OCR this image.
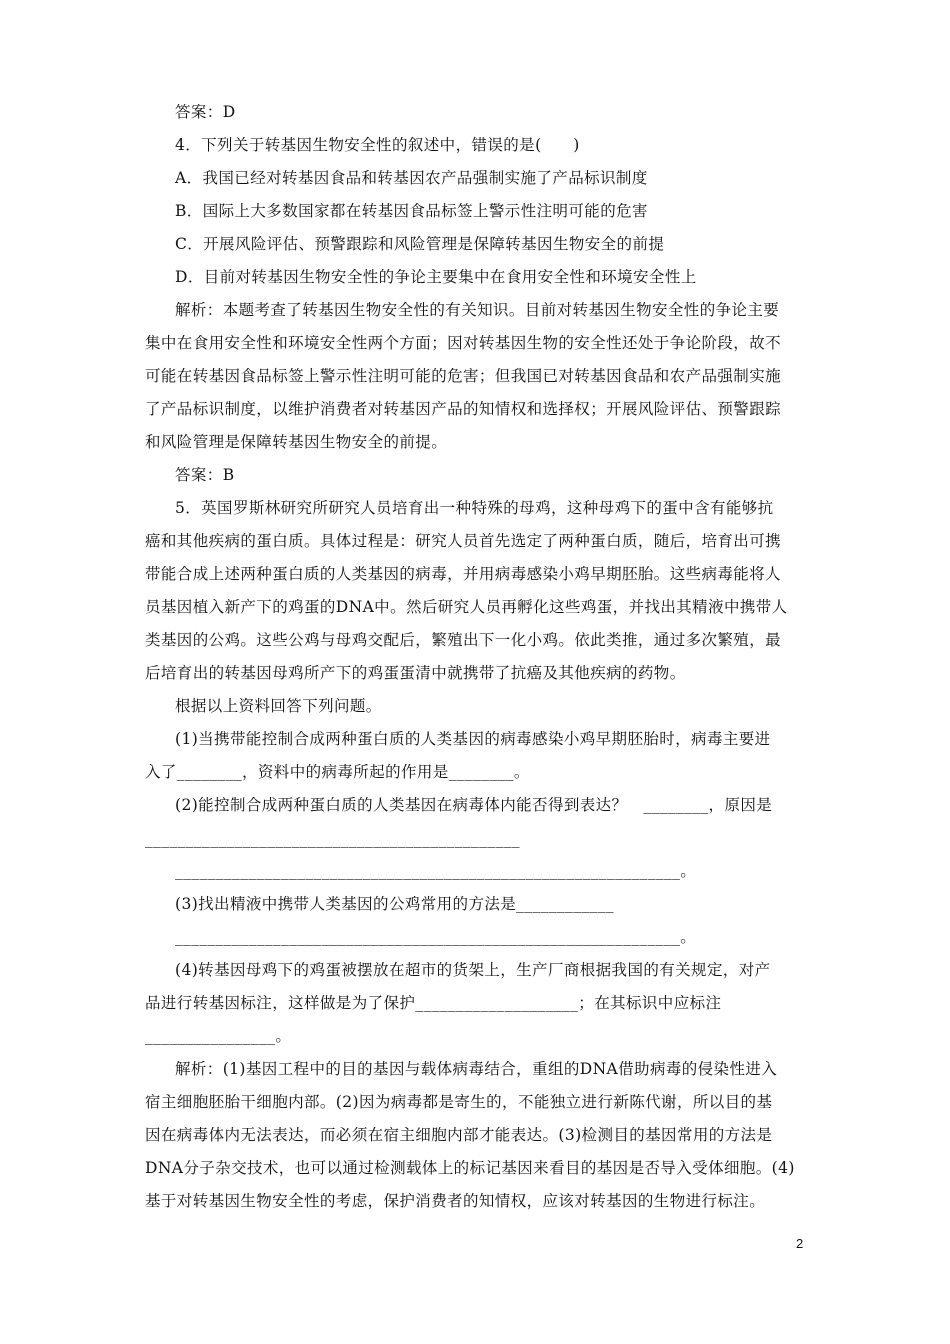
答案：D
4．下列关于转基因生物安全性的叙述中，错误的是(　　)
A．我国已经对转基因食品和转基因农产品强制实施了产品标识制度
B．国际上大多数国家都在转基因食品标签上警示性注明可能的危害
C．开展风险评估、预警跟踪和风险管理是保障转基因生物安全的前提
D．目前对转基因生物安全性的争论主要集中在食用安全性和环境安全性上
解析：本题考查了转基因生物安全性的有关知识。目前对转基因生物安全性的争论主要
集中在食用安全性和环境安全性两个方面；因对转基因生物的安全性还处于争论阶段，故不
可能在转基因食品标签上警示性注明可能的危害；但我国已对转基因食品和农产品强制实施
了产品标识制度，以维护消费者对转基因产品的知情权和选择权；开展风险评估、预警跟踪
和风险管理是保障转基因生物安全的前提。
答案：B
5．英国罗斯林研究所研究人员培育出一种特殊的母鸡，这种母鸡下的蛋中含有能够抗
癌和其他疾病的蛋白质。具体过程是：研究人员首先选定了两种蛋白质，随后，培育出可携
带能合成上述两种蛋白质的人类基因的病毒，并用病毒感染小鸡早期胚胎。这些病毒能将人
员基因植入新产下的鸡蛋的DNA中。然后研究人员再孵化这些鸡蛋，并找出其精液中携带人
类基因的公鸡。这些公鸡与母鸡交配后，繁殖出下一化小鸡。依此类推，通过多次繁殖，最
后培育出的转基因母鸡所产下的鸡蛋蛋清中就携带了抗癌及其他疾病的药物。
根据以上资料回答下列问题。
(1)当携带能控制合成两种蛋白质的人类基因的病毒感染小鸡早期胚胎时，病毒主要进
入了________，资料中的病毒所起的作用是________。
(2)能控制合成两种蛋白质的人类基因在病毒体内能否得到表达？　________，原因是
______________________________________________
______________________________________________________________。
(3)找出精液中携带人类基因的公鸡常用的方法是____________
______________________________________________________________。
(4)转基因母鸡下的鸡蛋被摆放在超市的货架上，生产厂商根据我国的有关规定，对产
品进行转基因标注，这样做是为了保护____________________；在其标识中应标注
________________。
解析：(1)基因工程中的目的基因与载体病毒结合，重组的DNA借助病毒的侵染性进入
宿主细胞胚胎干细胞内部。(2)因为病毒都是寄生的，不能独立进行新陈代谢，所以目的基
因在病毒体内无法表达，而必须在宿主细胞内部才能表达。(3)检测目的基因常用的方法是
DNA分子杂交技术，也可以通过检测载体上的标记基因来看目的基因是否导入受体细胞。(4)
基于对转基因生物安全性的考虑，保护消费者的知情权，应该对转基因的生物进行标注。
2
